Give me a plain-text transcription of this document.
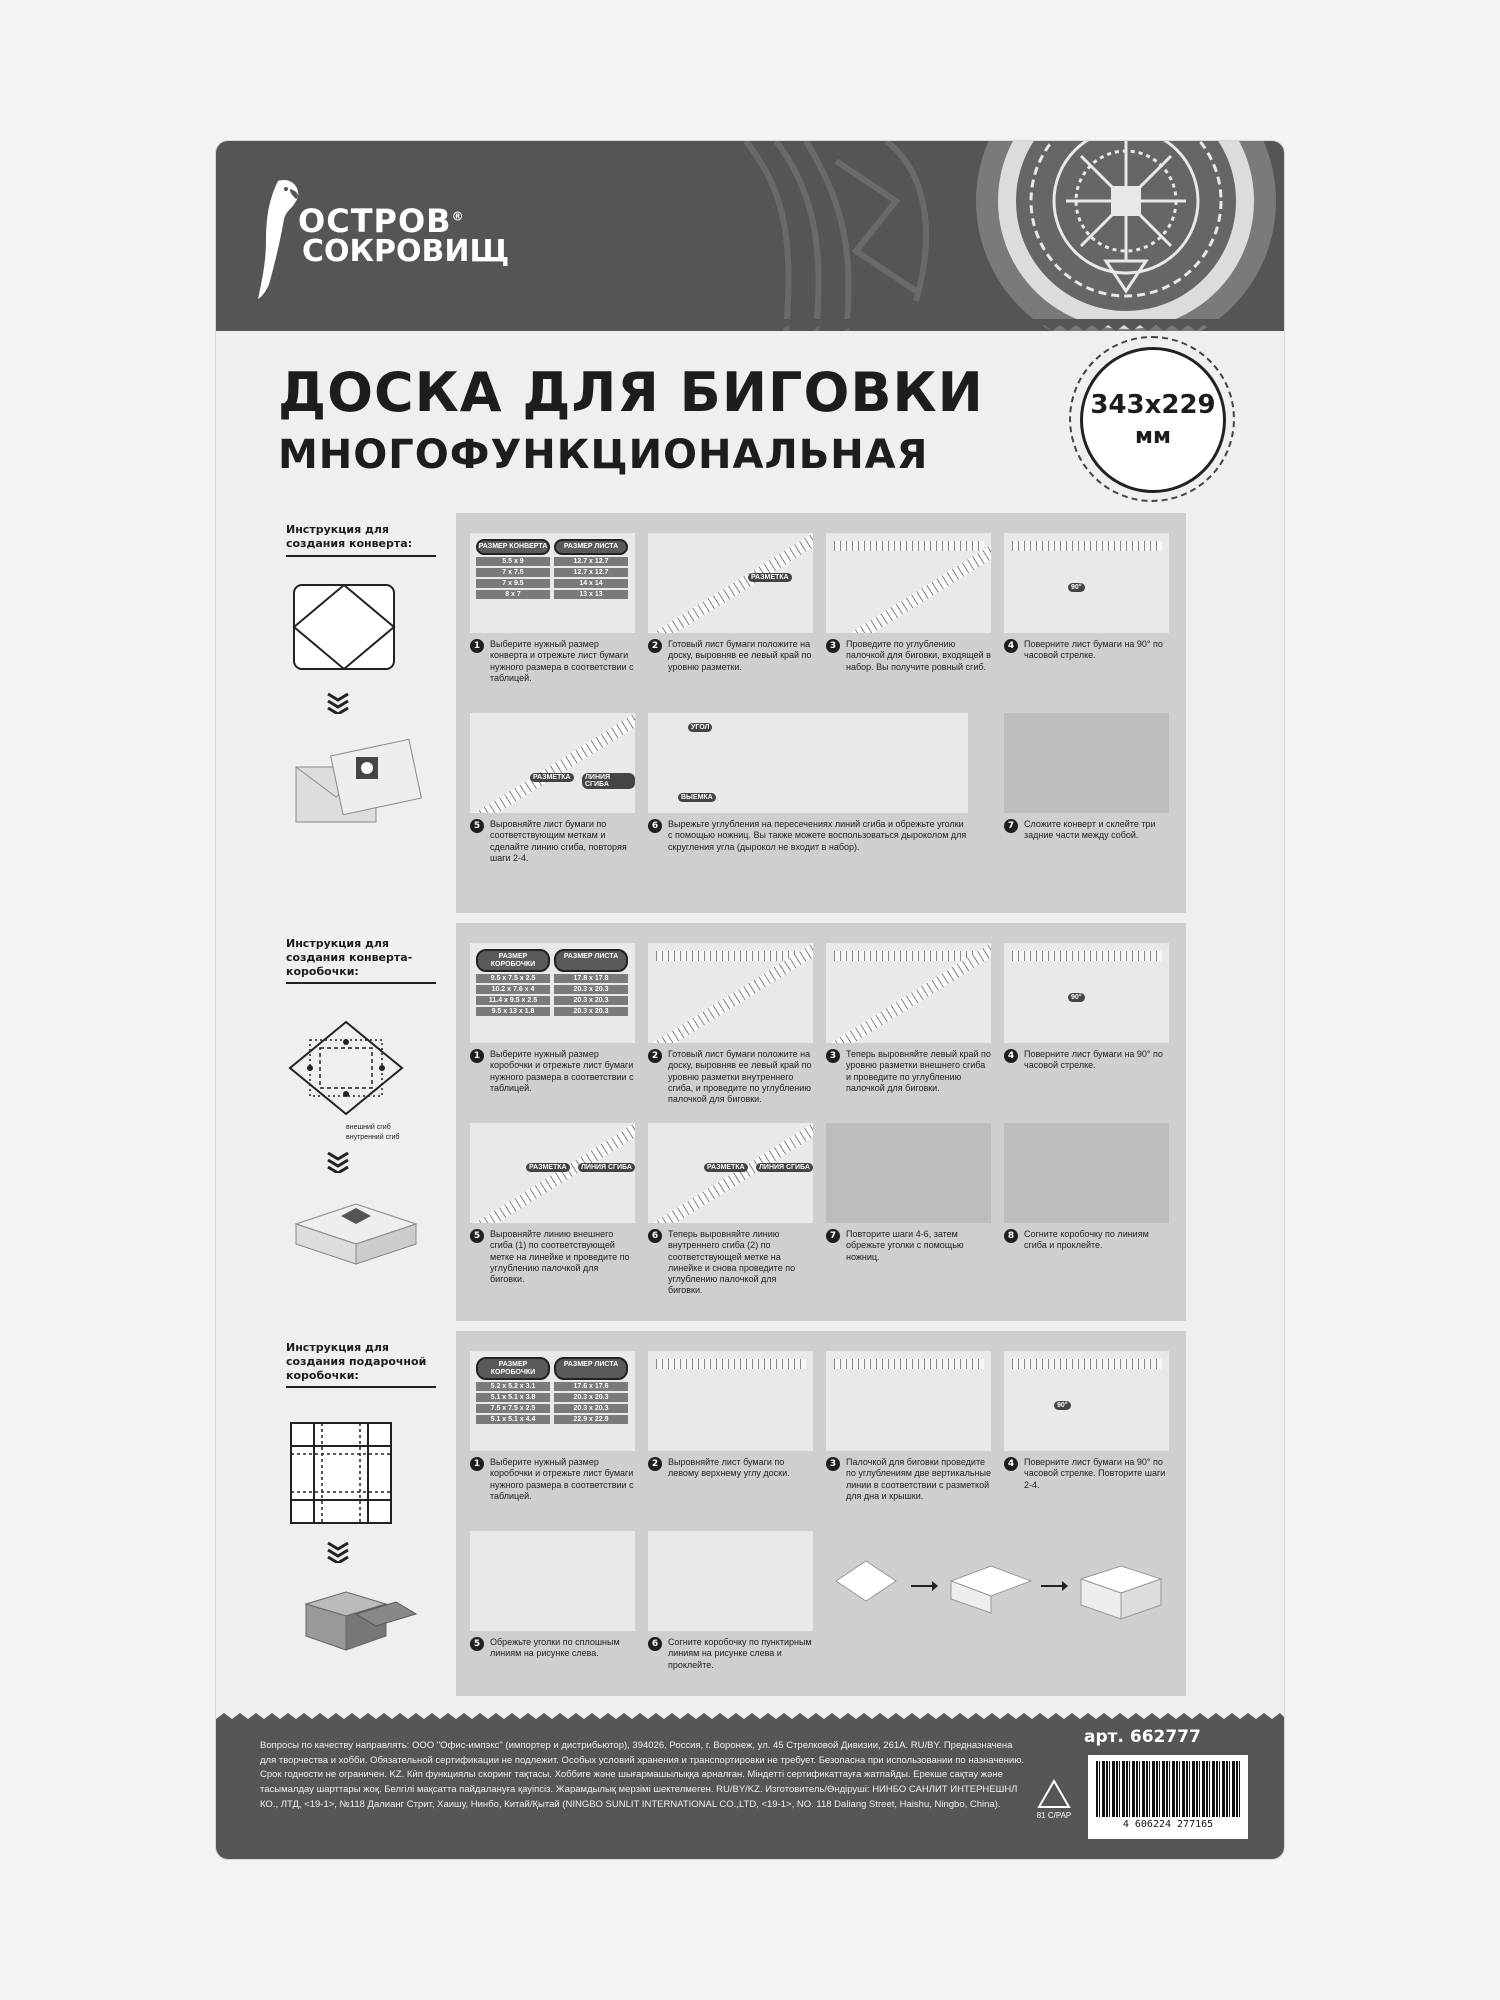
ОСТРОВ®
СОКРОВИЩ
ДОСКА ДЛЯ БИГОВКИ
МНОГОФУНКЦИОНАЛЬНАЯ
343х229
мм
Инструкция для создания конверта:
	РАЗМЕР КОНВЕРТА	РАЗМЕР ЛИСТА
5.5 x 9	12.7 x 12.7
7 x 7.5	12.7 x 12.7
7 x 9.5	14 x 14
8 x 7	13 x 13
1	Выберите нужный размер конверта и отрежьте лист бумаги нужного размера в соответствии с таблицей.
РАЗМЕТКА
2	Готовый лист бумаги положите на доску, выровняв ее левый край по уровню разметки.
3	Проведите по углублению палочкой для биговки, входящей в набор. Вы получите ровный сгиб.
90°
4	Поверните лист бумаги на 90° по часовой стрелке.
РАЗМЕТКА	ЛИНИЯ СГИБА
5	Выровняйте лист бумаги по соответствующим меткам и сделайте линию сгиба, повторяя шаги 2-4.
УГОЛ
ВЫЕМКА
6	Вырежьте углубления на пересечениях линий сгиба и обрежьте уголки с помощью ножниц. Вы также можете воспользоваться дыроколом для скругления угла (дырокол не входит в набор).
7	Сложите конверт и склейте три задние части между собой.
Инструкция для создания конверта-коробочки:
внешний сгиб
внутренний сгиб

РАЗМЕР КОРОБОЧКИ
РАЗМЕР ЛИСТА
9.5 x 7.5 x 2.5	17.8 x 17.8
10.2 x 7.6 x 4	20.3 x 20.3
11.4 x 9.5 x 2.5	20.3 x 20.3
9.5 x 13 x 1.8	20.3 x 20.3
1	Выберите нужный размер коробочки и отрежьте лист бумаги нужного размера в соответствии с таблицей.
2	Готовый лист бумаги положите на доску, выровняв ее левый край по уровню разметки внутреннего сгиба, и проведите по углублению палочкой для биговки.
3	Теперь выровняйте левый край по уровню разметки внешнего сгиба и проведите по углублению палочкой для биговки.
90°
4	Поверните лист бумаги на 90° по часовой стрелке.
РАЗМЕТКА	ЛИНИЯ СГИБА
5	Выровняйте линию внешнего сгиба (1) по соответствующей метке на линейке и проведите по углублению палочкой для биговки.
РАЗМЕТКА	ЛИНИЯ СГИБА
6	Теперь выровняйте линию внутреннего сгиба (2) по соответствующей метке на линейке и снова проведите по углублению палочкой для биговки.
7	Повторите шаги 4-6, затем обрежьте уголки с помощью ножниц.
8	Согните коробочку по линиям сгиба и проклейте.
Инструкция для создания подарочной коробочки:

РАЗМЕР КОРОБОЧКИ
РАЗМЕР ЛИСТА
5.2 x 5.2 x 3.1	17.6 x 17.6
5.1 x 5.1 x 3.8	20.3 x 20.3
7.5 x 7.5 x 2.5	20.3 x 20.3
5.1 x 5.1 x 4.4	22.9 x 22.9
1	Выберите нужный размер коробочки и отрежьте лист бумаги нужного размера в соответствии с таблицей.
2	Выровняйте лист бумаги по левому верхнему углу доски.
3	Палочкой для биговки проведите по углублениям две вертикальные линии в соответствии с разметкой для дна и крышки.
90°
4	Поверните лист бумаги на 90° по часовой стрелке. Повторите шаги 2-4.
5	Обрежьте уголки по сплошным линиям на рисунке слева.
6	Согните коробочку по пунктирным линиям на рисунке слева и проклейте.
Вопросы по качеству направлять: ООО "Офис-импэкс" (импортер и дистрибьютор), 394026, Россия, г. Воронеж, ул. 45 Стрелковой Дивизии, 261А. RU/BY. Предназначена для творчества и хобби. Обязательной сертификации не подлежит. Особых условий хранения и транспортировки не требует. Безопасна при использовании по назначению. Срок годности не ограничен. KZ. Кӣп функциялы скоринг тақтасы. Хоббиге және шығармашылыққа арналған. Міндетті сертификаттауға жатпайды. Ерекше сақтау және тасымалдау шарттары жоқ. Белгілі мақсатта пайдалануға қауіпсіз. Жарамдылық мерзімі шектелмеген. RU/BY/KZ. Изготовитель/Өндіруші: НИНБО САНЛИТ ИНТЕРНЕШНЛ КО., ЛТД, <19-1>, №118 Далианг Стрит, Хаишу, Нинбо, Китай/Қытай (NINGBO SUNLIT INTERNATIONAL CO.,LTD, <19-1>, NO. 118 Daliang Street, Haishu, Ningbo, China).
арт. 662777
81 C/PAP
4 606224 277165
